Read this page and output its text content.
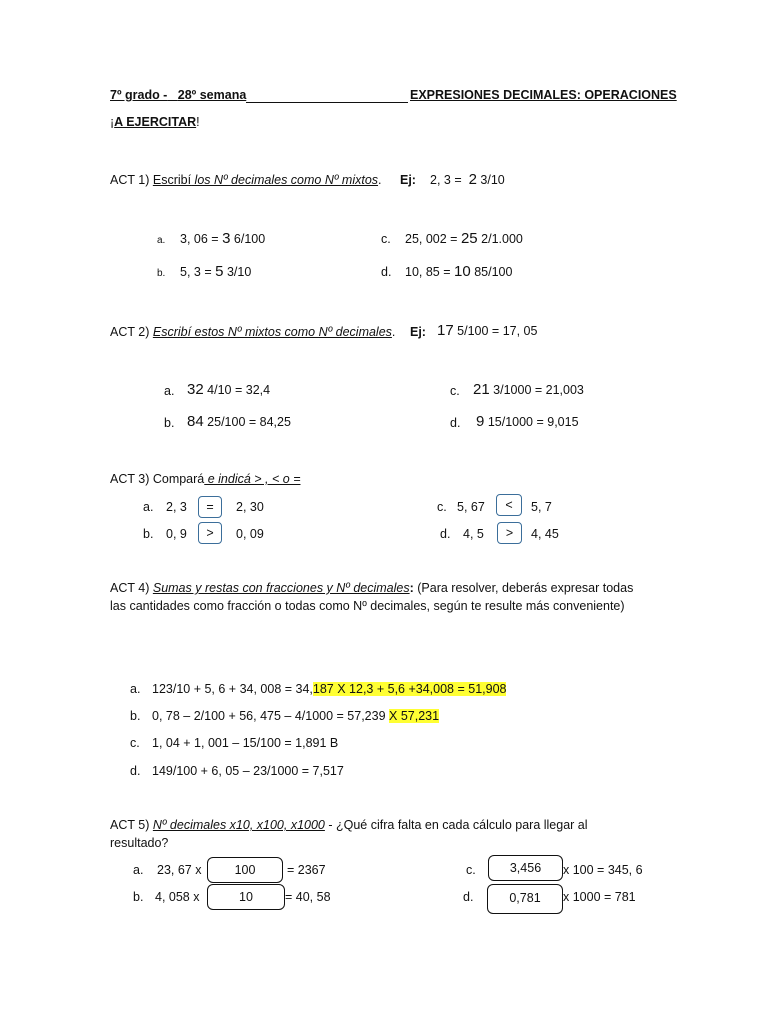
7º grado - 28º semana	EXPRESIONES DECIMALES: OPERACIONES
¡A EJERCITAR!
ACT 1) Escribí los Nº decimales como Nº mixtos. Ej: 2, 3 = 2 3/10
a. 3, 06 = 3 6/100	c. 25, 002 = 25 2/1.000
b. 5, 3 = 5 3/10	d. 10, 85 = 10 85/100
ACT 2) Escribí estos Nº mixtos como Nº decimales. Ej: 17 5/100 = 17, 05
a. 32 4/10 = 32,4	c. 21 3/1000 = 21,003
b. 84 25/100 = 84,25	d. 9 15/1000 = 9,015
ACT 3) Compará e indicá > , < o =
a. 2, 3	=	2, 30	c. 5, 67	<	5, 7
b. 0, 9	>	0, 09	d. 4, 5	>	4, 45
ACT 4) Sumas y restas con fracciones y Nº decimales: (Para resolver, deberás expresar todas
las cantidades como fracción o todas como Nº decimales, según te resulte más conveniente)
a. 123/10 + 5, 6 + 34, 008 = 34,187 X 12,3 + 5,6 +34,008 = 51,908
b. 0, 78 – 2/100 + 56, 475 – 4/1000 = 57,239 X 57,231
c. 1, 04 + 1, 001 – 15/100 = 1,891 B
d. 149/100 + 6, 05 – 23/1000 = 7,517
ACT 5) Nº decimales x10, x100, x1000 - ¿Qué cifra falta en cada cálculo para llegar al
resultado?
a. 23, 67 x	100	= 2367	c.	3,456	x 100 = 345, 6
b. 4, 058 x	10	= 40, 58	d.	0,781	x 1000 = 781
